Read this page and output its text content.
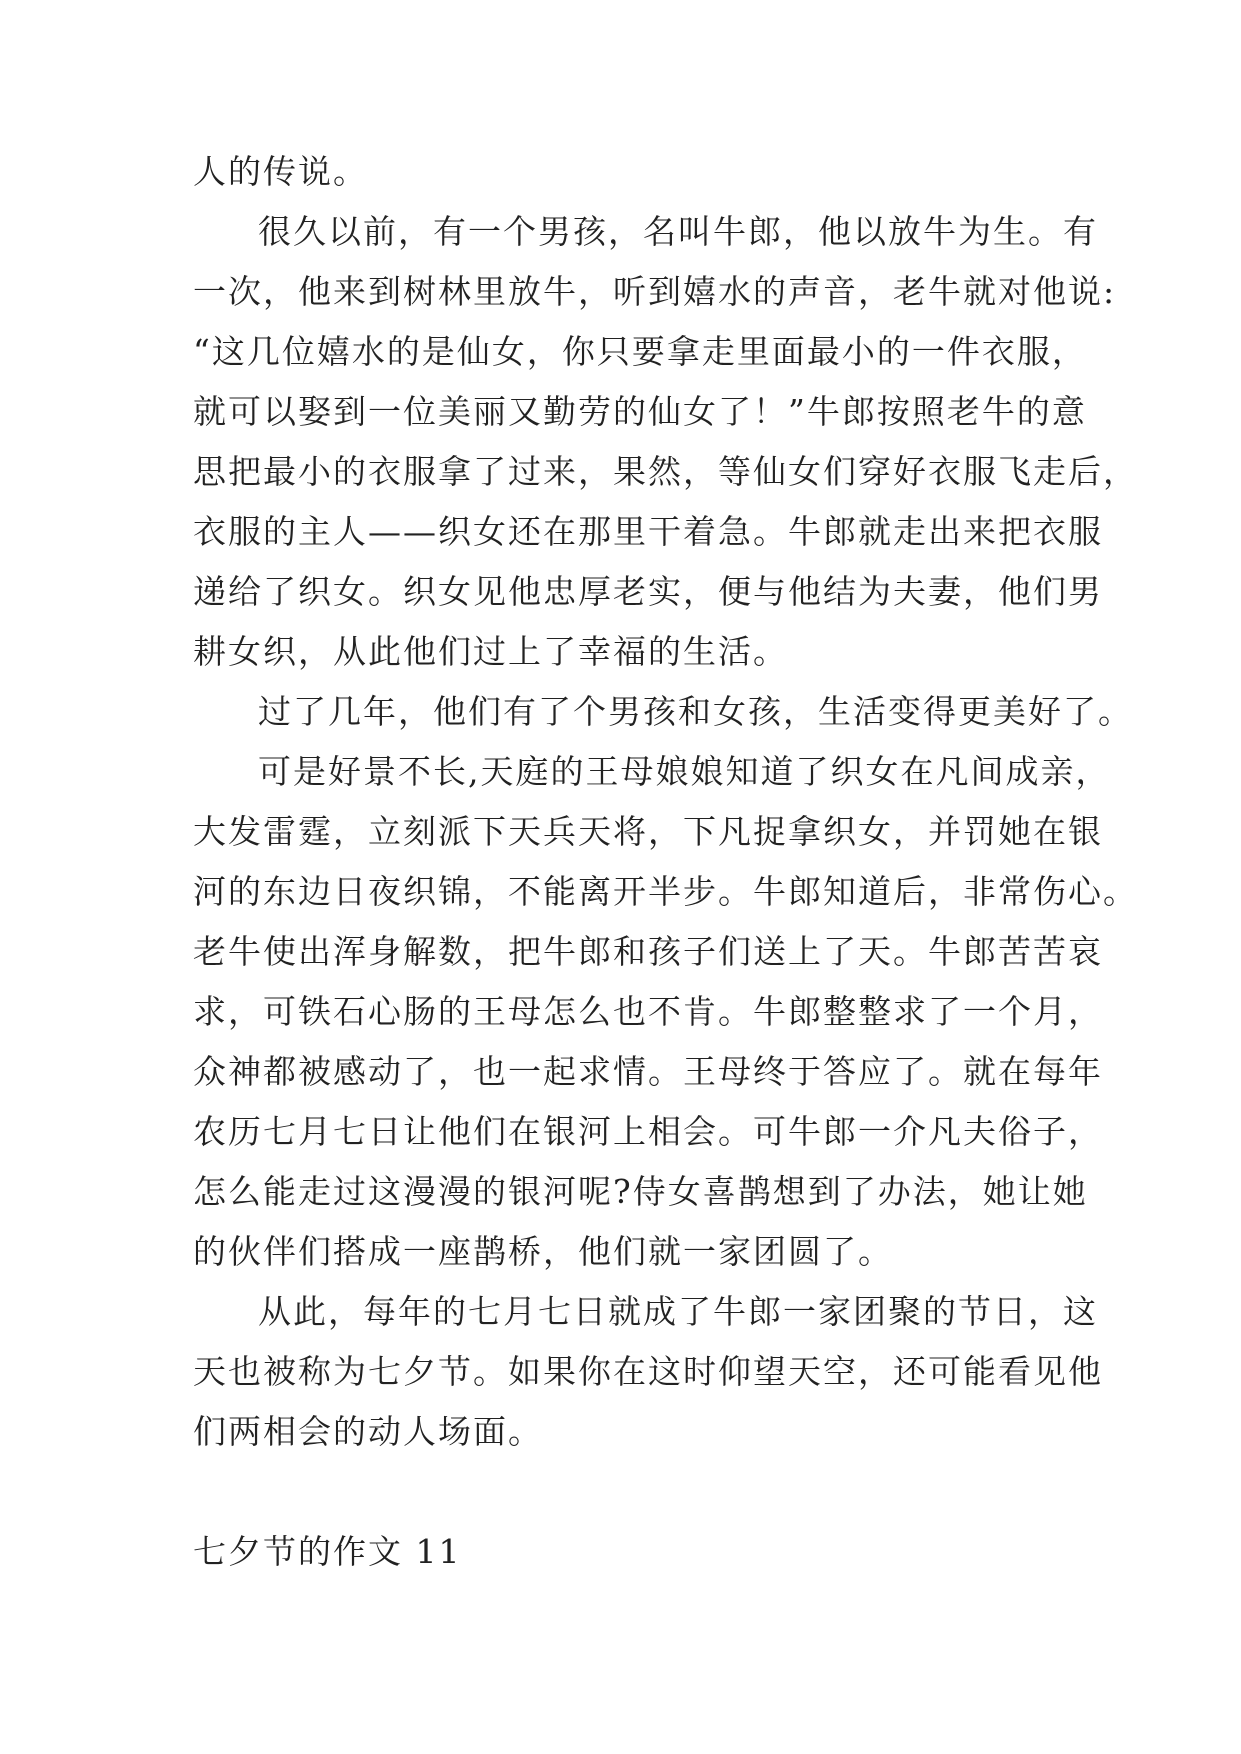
人的传说。
很久以前，有一个男孩，名叫牛郎，他以放牛为生。有
一次，他来到树林里放牛，听到嬉水的声音，老牛就对他说:
“这几位嬉水的是仙女，你只要拿走里面最小的一件衣服，
就可以娶到一位美丽又勤劳的仙女了！”牛郎按照老牛的意
思把最小的衣服拿了过来，果然，等仙女们穿好衣服飞走后，
衣服的主人——织女还在那里干着急。牛郎就走出来把衣服
递给了织女。织女见他忠厚老实，便与他结为夫妻，他们男
耕女织，从此他们过上了幸福的生活。
过了几年，他们有了个男孩和女孩，生活变得更美好了。
可是好景不长,天庭的王母娘娘知道了织女在凡间成亲，
大发雷霆，立刻派下天兵天将，下凡捉拿织女，并罚她在银
河的东边日夜织锦，不能离开半步。牛郎知道后，非常伤心。
老牛使出浑身解数，把牛郎和孩子们送上了天。牛郎苦苦哀
求，可铁石心肠的王母怎么也不肯。牛郎整整求了一个月，
众神都被感动了，也一起求情。王母终于答应了。就在每年
农历七月七日让他们在银河上相会。可牛郎一介凡夫俗子，
怎么能走过这漫漫的银河呢?侍女喜鹊想到了办法，她让她
的伙伴们搭成一座鹊桥，他们就一家团圆了。
从此，每年的七月七日就成了牛郎一家团聚的节日，这
天也被称为七夕节。如果你在这时仰望天空，还可能看见他
们两相会的动人场面。
七夕节的作文 11
